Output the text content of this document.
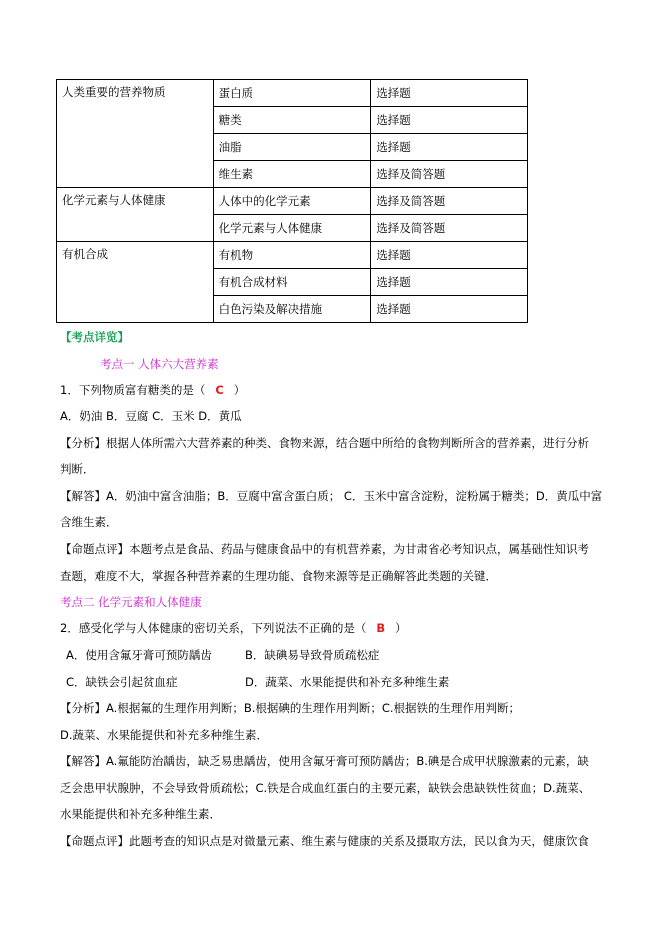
人类重要的营养物质	蛋白质	选择题
	糖类	选择题
	油脂	选择题
	维生素	选择及简答题
化学元素与人体健康	人体中的化学元素	选择及简答题
	化学元素与人体健康	选择及简答题
有机合成	有机物	选择题
	有机合成材料	选择题
	白色污染及解决措施	选择题
【考点详览】
考点一 人体六大营养素
1．下列物质富有糖类的是（ C ）
A．奶油 B．豆腐 C．玉米 D．黄瓜
【分析】根据人体所需六大营养素的种类、食物来源，结合题中所给的食物判断所含的营养素，进行分析
判断．
【解答】A．奶油中富含油脂；B．豆腐中富含蛋白质； C．玉米中富含淀粉，淀粉属于糖类；D．黄瓜中富
含维生素．
【命题点评】本题考点是食品、药品与健康食品中的有机营养素，为甘肃省必考知识点，属基础性知识考
查题，难度不大，掌握各种营养素的生理功能、食物来源等是正确解答此类题的关键．
考点二 化学元素和人体健康
2．感受化学与人体健康的密切关系，下列说法不正确的是（ B ）
A．使用含氟牙膏可预防龋齿	B．缺碘易导致骨质疏松症
C．缺铁会引起贫血症	D．蔬菜、水果能提供和补充多种维生素
【分析】A.根据氟的生理作用判断；B.根据碘的生理作用判断；C.根据铁的生理作用判断；
D.蔬菜、水果能提供和补充多种维生素．
【解答】A.氟能防治龋齿，缺乏易患龋齿，使用含氟牙膏可预防龋齿；B.碘是合成甲状腺激素的元素，缺
乏会患甲状腺肿，不会导致骨质疏松；C.铁是合成血红蛋白的主要元素，缺铁会患缺铁性贫血；D.蔬菜、
水果能提供和补充多种维生素．
【命题点评】此题考查的知识点是对微量元素、维生素与健康的关系及摄取方法，民以食为天，健康饮食
